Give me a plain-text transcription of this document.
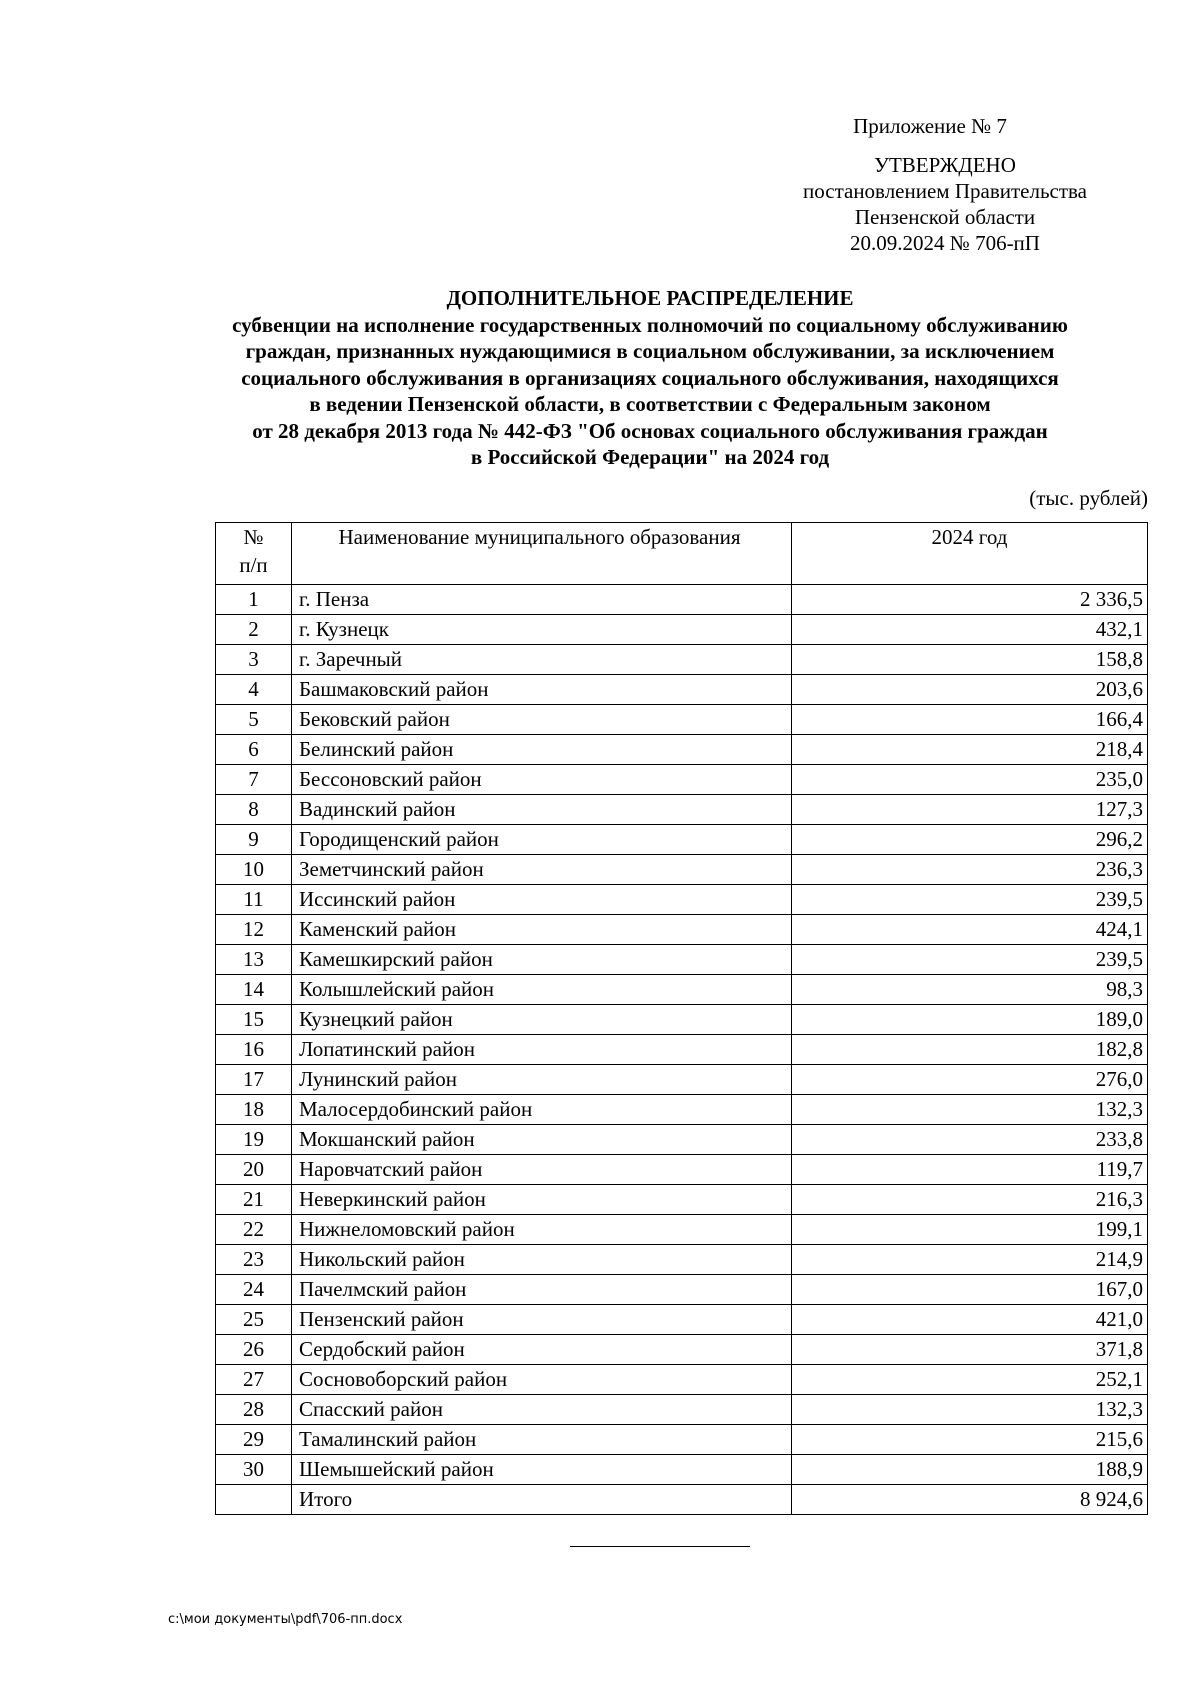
Приложение № 7
УТВЕРЖДЕНО
постановлением Правительства
Пензенской области
20.09.2024 № 706-пП
ДОПОЛНИТЕЛЬНОЕ РАСПРЕДЕЛЕНИЕ
субвенции на исполнение государственных полномочий по социальному обслуживанию
граждан, признанных нуждающимися в социальном обслуживании, за исключением
социального обслуживания в организациях социального обслуживания, находящихся
в ведении Пензенской области, в соответствии с Федеральным законом
от 28 декабря 2013 года № 442-ФЗ "Об основах социального обслуживания граждан
в Российской Федерации" на 2024 год
(тыс. рублей)
№
п/п	Наименование муниципального образования	2024 год
1	г. Пенза	2 336,5
2	г. Кузнецк	432,1
3	г. Заречный	158,8
4	Башмаковский район	203,6
5	Бековский район	166,4
6	Белинский район	218,4
7	Бессоновский район	235,0
8	Вадинский район	127,3
9	Городищенский район	296,2
10	Земетчинский район	236,3
11	Иссинский район	239,5
12	Каменский район	424,1
13	Камешкирский район	239,5
14	Колышлейский район	98,3
15	Кузнецкий район	189,0
16	Лопатинский район	182,8
17	Лунинский район	276,0
18	Малосердобинский район	132,3
19	Мокшанский район	233,8
20	Наровчатский район	119,7
21	Неверкинский район	216,3
22	Нижнеломовский район	199,1
23	Никольский район	214,9
24	Пачелмский район	167,0
25	Пензенский район	421,0
26	Сердобский район	371,8
27	Сосновоборский район	252,1
28	Спасский район	132,3
29	Тамалинский район	215,6
30	Шемышейский район	188,9
	Итого	8 924,6
c:\мои документы\pdf\706-пп.docx
